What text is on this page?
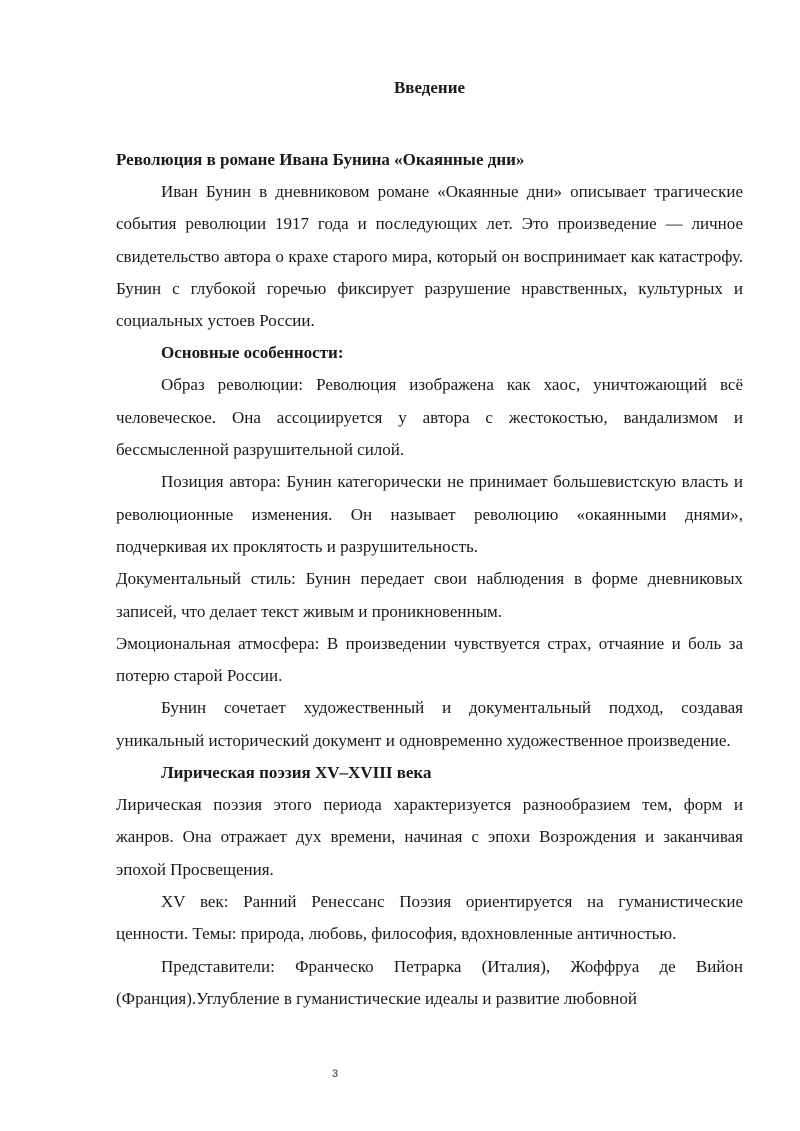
Введение
Революция в романе Ивана Бунина «Окаянные дни»

Иван Бунин в дневниковом романе «Окаянные дни» описывает трагические события революции 1917 года и последующих лет. Это произведение — личное свидетельство автора о крахе старого мира, который он воспринимает как катастрофу. Бунин с глубокой горечью фиксирует разрушение нравственных, культурных и социальных устоев России.

Основные особенности:

Образ революции: Революция изображена как хаос, уничтожающий всё человеческое. Она ассоциируется у автора с жестокостью, вандализмом и бессмысленной разрушительной силой.

Позиция автора: Бунин категорически не принимает большевистскую власть и революционные изменения. Он называет революцию «окаянными днями», подчеркивая их проклятость и разрушительность.

Документальный стиль: Бунин передает свои наблюдения в форме дневниковых записей, что делает текст живым и проникновенным.

Эмоциональная атмосфера: В произведении чувствуется страх, отчаяние и боль за потерю старой России.

Бунин сочетает художественный и документальный подход, создавая уникальный исторический документ и одновременно художественное произведение.

Лирическая поэзия XV–XVIII века

Лирическая поэзия этого периода характеризуется разнообразием тем, форм и жанров. Она отражает дух времени, начиная с эпохи Возрождения и заканчивая эпохой Просвещения.

XV век: Ранний Ренессанс Поэзия ориентируется на гуманистические ценности. Темы: природа, любовь, философия, вдохновленные античностью.

Представители: Франческо Петрарка (Италия), Жоффруа де Вийон (Франция).Углубление в гуманистические идеалы и развитие любовной

3
